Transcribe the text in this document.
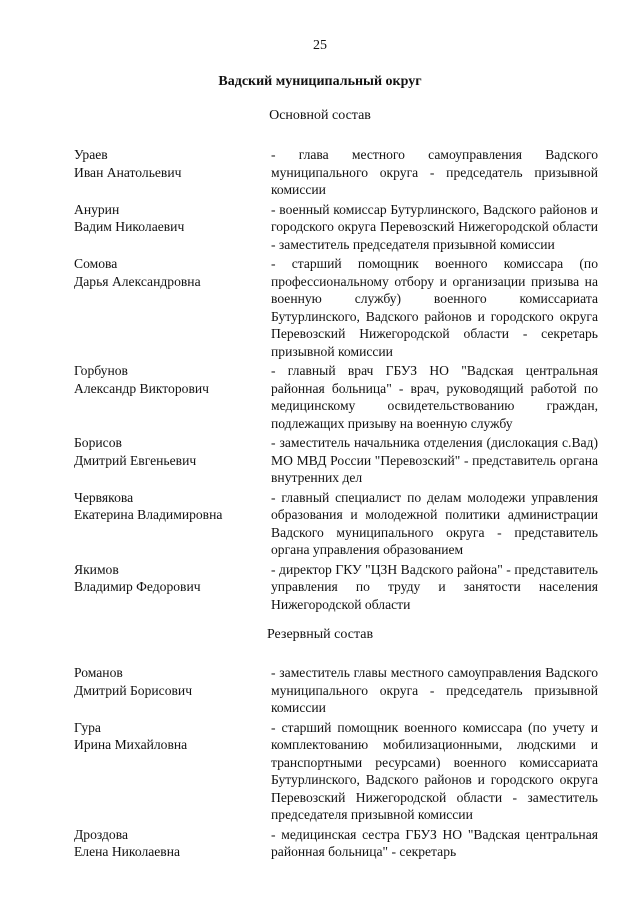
25
Вадский муниципальный округ
Основной состав
Ураев
Иван Анатольевич
- глава местного самоуправления Вадского муниципального округа - председатель призывной комиссии
Анурин
Вадим Николаевич
- военный комиссар Бутурлинского, Вадского районов и городского округа Перевозский Нижегородской области - заместитель председателя призывной комиссии
Сомова
Дарья Александровна
- старший помощник военного комиссара (по профессиональному отбору и организации призыва на военную службу) военного комиссариата Бутурлинского, Вадского районов и городского округа Перевозский Нижегородской области - секретарь призывной комиссии
Горбунов
Александр Викторович
- главный врач ГБУЗ НО "Вадская центральная районная больница" - врач, руководящий работой по медицинскому освидетельствованию граждан, подлежащих призыву на военную службу
Борисов
Дмитрий Евгеньевич
- заместитель начальника отделения (дислокация с.Вад) МО МВД России "Перевозский" - представитель органа внутренних дел
Червякова
Екатерина Владимировна
- главный специалист по делам молодежи управления образования и молодежной политики администрации Вадского муниципального округа - представитель органа управления образованием
Якимов
Владимир Федорович
- директор ГКУ "ЦЗН Вадского района" - представитель управления по труду и занятости населения Нижегородской области
Резервный состав
Романов
Дмитрий Борисович
- заместитель главы местного самоуправления Вадского муниципального округа - председатель призывной комиссии
Гура
Ирина Михайловна
- старший помощник военного комиссара (по учету и комплектованию мобилизационными, людскими и транспортными ресурсами) военного комиссариата Бутурлинского, Вадского районов и городского округа Перевозский Нижегородской области - заместитель председателя призывной комиссии
Дроздова
Елена Николаевна
- медицинская сестра ГБУЗ НО "Вадская центральная районная больница" - секретарь
